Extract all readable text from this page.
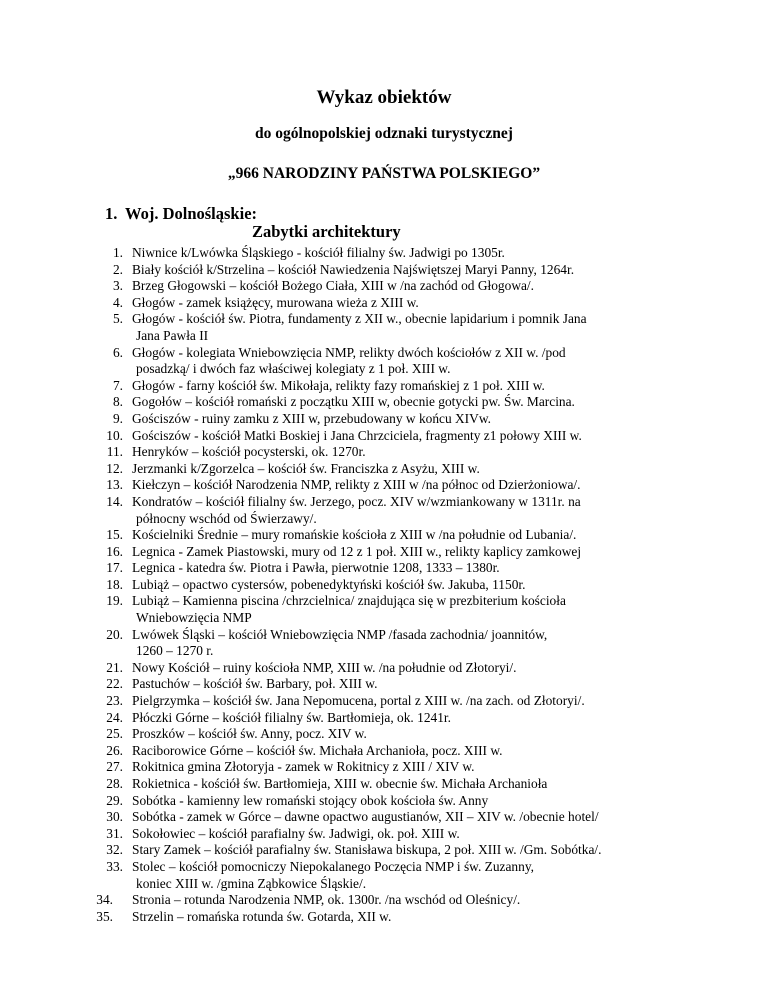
Wykaz obiektów
do ogólnopolskiej odznaki turystycznej
„966 NARODZINY PAŃSTWA POLSKIEGO”
1. Woj. Dolnośląskie:
Zabytki architektury
1. Niwnice k/Lwówka Śląskiego - kościół filialny św. Jadwigi po 1305r.
2. Biały kościół k/Strzelina – kościół Nawiedzenia Najświętszej Maryi Panny, 1264r.
3. Brzeg Głogowski – kościół Bożego Ciała, XIII w /na zachód od Głogowa/.
4. Głogów - zamek książęcy, murowana wieża z XIII w.
5. Głogów - kościół św. Piotra, fundamenty z XII w., obecnie lapidarium i pomnik Jana
Jana Pawła II
6. Głogów - kolegiata Wniebowzięcia NMP, relikty dwóch kościołów z XII w. /pod
posadzką/ i dwóch faz właściwej kolegiaty z 1 poł. XIII w.
7. Głogów - farny kościół św. Mikołaja, relikty fazy romańskiej z 1 poł. XIII w.
8. Gogołów – kościół romański z początku XIII w, obecnie gotycki pw. Św. Marcina.
9. Gościszów - ruiny zamku z XIII w, przebudowany w końcu XIVw.
10. Gościszów - kościół Matki Boskiej i Jana Chrzciciela, fragmenty z1 połowy XIII w.
11. Henryków – kościół pocysterski, ok. 1270r.
12. Jerzmanki k/Zgorzelca – kościół św. Franciszka z Asyżu, XIII w.
13. Kiełczyn – kościół Narodzenia NMP, relikty z XIII w /na północ od Dzierżoniowa/.
14. Kondratów – kościół filialny św. Jerzego, pocz. XIV w/wzmiankowany w 1311r. na
północny wschód od Świerzawy/.
15. Kościelniki Średnie – mury romańskie kościoła z XIII w /na południe od Lubania/.
16. Legnica - Zamek Piastowski, mury od 12 z 1 poł. XIII w., relikty kaplicy zamkowej
17. Legnica - katedra św. Piotra i Pawła, pierwotnie 1208, 1333 – 1380r.
18. Lubiąż – opactwo cystersów, pobenedyktyński kościół św. Jakuba, 1150r.
19. Lubiąż – Kamienna piscina /chrzcielnica/ znajdująca się w prezbiterium kościoła
Wniebowzięcia NMP
20. Lwówek Śląski – kościół Wniebowzięcia NMP /fasada zachodnia/ joannitów,
1260 – 1270 r.
21. Nowy Kościół – ruiny kościoła NMP, XIII w. /na południe od Złotoryi/.
22. Pastuchów – kościół św. Barbary, poł. XIII w.
23. Pielgrzymka – kościół św. Jana Nepomucena, portal z XIII w. /na zach. od Złotoryi/.
24. Płóczki Górne – kościół filialny św. Bartłomieja, ok. 1241r.
25. Proszków – kościół św. Anny, pocz. XIV w.
26. Raciborowice Górne – kościół św. Michała Archanioła, pocz. XIII w.
27. Rokitnica gmina Złotoryja - zamek w Rokitnicy z XIII / XIV w.
28. Rokietnica - kościół św. Bartłomieja, XIII w. obecnie św. Michała Archanioła
29. Sobótka - kamienny lew romański stojący obok kościoła św. Anny
30. Sobótka - zamek w Górce – dawne opactwo augustianów, XII – XIV w. /obecnie hotel/
31. Sokołowiec – kościół parafialny św. Jadwigi, ok. poł. XIII w.
32. Stary Zamek – kościół parafialny św. Stanisława biskupa, 2 poł. XIII w. /Gm. Sobótka/.
33. Stolec – kościół pomocniczy Niepokalanego Poczęcia NMP i św. Zuzanny,
koniec XIII w. /gmina Ząbkowice Śląskie/.
34. Stronia – rotunda Narodzenia NMP, ok. 1300r. /na wschód od Oleśnicy/.
35. Strzelin – romańska rotunda św. Gotarda, XII w.
